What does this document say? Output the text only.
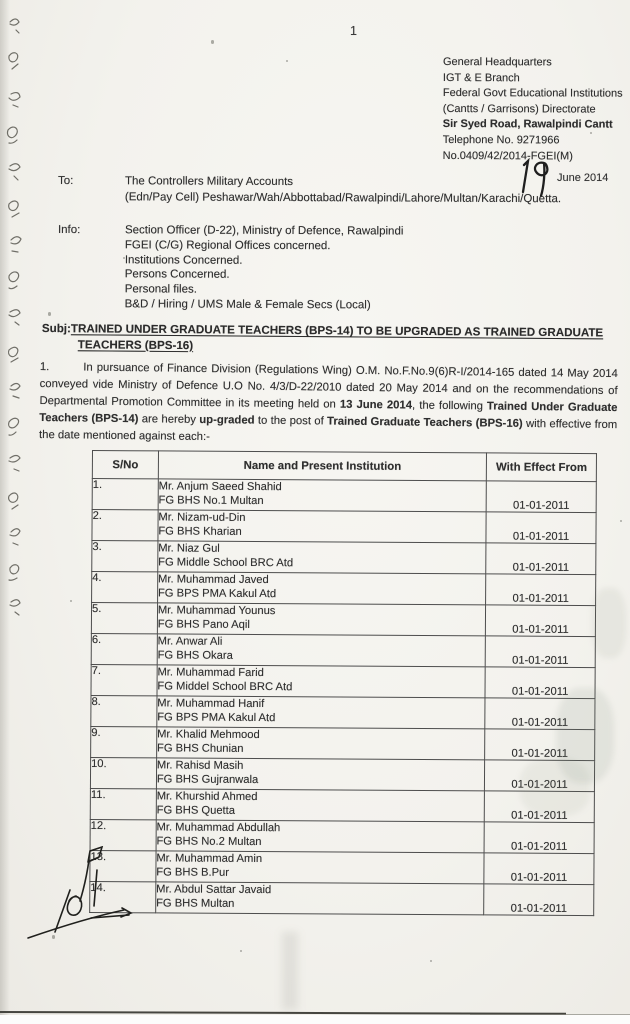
1
General Headquarters
IGT & E Branch
Federal Govt Educational Institutions
(Cantts / Garrisons) Directorate
Sir Syed Road, Rawalpindi Cantt
Telephone No. 9271966
No.0409/42/2014-FGEI(M)
June 2014
To:	The Controllers Military Accounts
(Edn/Pay Cell) Peshawar/Wah/Abbottabad/Rawalpindi/Lahore/Multan/Karachi/Quetta.
Info:	Section Officer (D-22), Ministry of Defence, Rawalpindi
FGEI (C/G) Regional Offices concerned.
Institutions Concerned.
Persons Concerned.
Personal files.
B&D / Hiring / UMS Male & Female Secs (Local)
Subj:TRAINED UNDER GRADUATE TEACHERS (BPS-14) TO BE UPGRADED AS TRAINED GRADUATE TEACHERS (BPS-16)
1.	In pursuance of Finance Division (Regulations Wing) O.M. No.F.No.9(6)R-I/2014-165 dated 14 May 2014 conveyed vide Ministry of Defence U.O No. 4/3/D-22/2010 dated 20 May 2014 and on the recommendations of Departmental Promotion Committee in its meeting held on 13 June 2014, the following Trained Under Graduate Teachers (BPS-14) are hereby up-graded to the post of Trained Graduate Teachers (BPS-16) with effective from the date mentioned against each:-
S/No	Name and Present Institution	With Effect From
1.	Mr. Anjum Saeed Shahid
FG BHS No.1 Multan	01-01-2011
2.	Mr. Nizam-ud-Din
FG BHS Kharian	01-01-2011
3.	Mr. Niaz Gul
FG Middle School BRC Atd	01-01-2011
4.	Mr. Muhammad Javed
FG BPS PMA Kakul Atd	01-01-2011
5.	Mr. Muhammad Younus
FG BHS Pano Aqil	01-01-2011
6.	Mr. Anwar Ali
FG BHS Okara	01-01-2011
7.	Mr. Muhammad Farid
FG Middel School BRC Atd	01-01-2011
8.	Mr. Muhammad Hanif
FG BPS PMA Kakul Atd	01-01-2011
9.	Mr. Khalid Mehmood
FG BHS Chunian	01-01-2011
10.	Mr. Rahisd Masih
FG BHS Gujranwala	01-01-2011
11.	Mr. Khurshid Ahmed
FG BHS Quetta	01-01-2011
12.	Mr. Muhammad Abdullah
FG BHS No.2 Multan	01-01-2011
13.	Mr. Muhammad Amin
FG BHS B.Pur	01-01-2011
14.	Mr. Abdul Sattar Javaid
FG BHS Multan	01-01-2011
